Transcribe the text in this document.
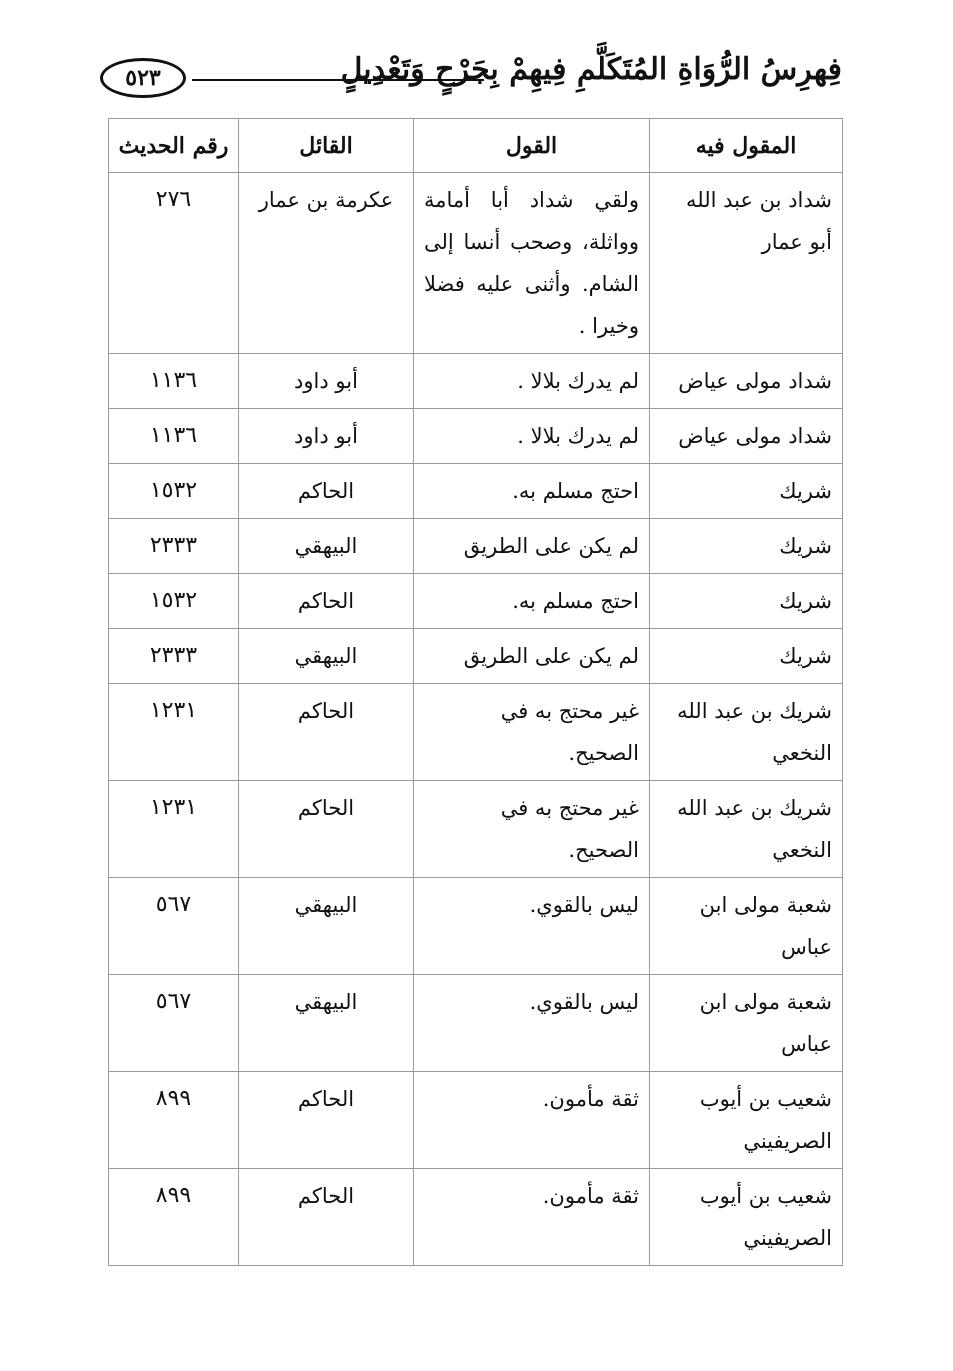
فِهرِسُ الرُّوَاةِ المُتَكَلَّمِ فِيهِمْ بِجَرْحٍ وَتَعْدِيلٍ
٥٢٣
المقول فيه	القول	القائل	رقم الحديث
شداد بن عبد الله أبو عمار	ولقي شداد أبا أمامة وواثلة، وصحب أنسا إلى الشام. وأثنى عليه فضلا وخيرا .	عكرمة بن عمار	٢٧٦
شداد مولى عياض	لم يدرك بلالا .	أبو داود	١١٣٦
شداد مولى عياض	لم يدرك بلالا .	أبو داود	١١٣٦
شريك	احتج مسلم به.	الحاكم	١٥٣٢
شريك	لم يكن على الطريق	البيهقي	٢٣٣٣
شريك	احتج مسلم به.	الحاكم	١٥٣٢
شريك	لم يكن على الطريق	البيهقي	٢٣٣٣
شريك بن عبد الله النخعي	غير محتج به في الصحيح.	الحاكم	١٢٣١
شريك بن عبد الله النخعي	غير محتج به في الصحيح.	الحاكم	١٢٣١
شعبة مولى ابن عباس	ليس بالقوي.	البيهقي	٥٦٧
شعبة مولى ابن عباس	ليس بالقوي.	البيهقي	٥٦٧
شعيب بن أيوب الصريفيني	ثقة مأمون.	الحاكم	٨٩٩
شعيب بن أيوب الصريفيني	ثقة مأمون.	الحاكم	٨٩٩
